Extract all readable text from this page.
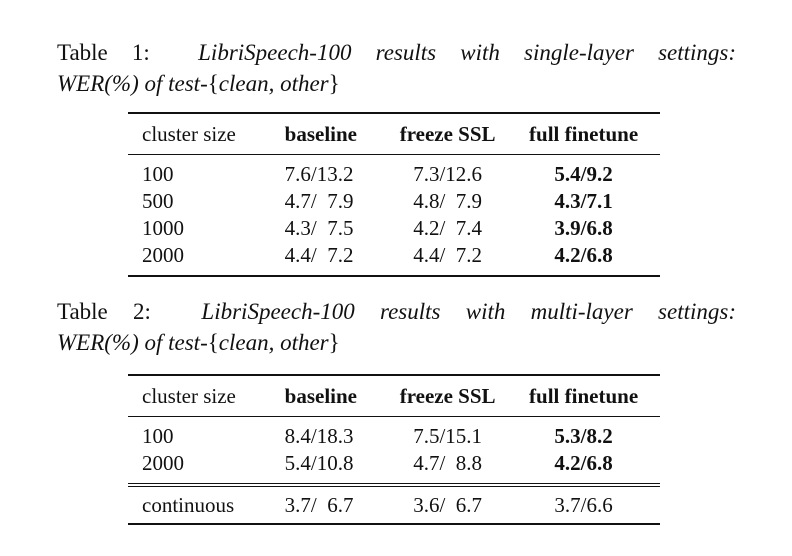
Table 1: LibriSpeech-100 results with single-layer settings:
WER(%) of test-{clean, other}
cluster size	baseline	freeze SSL	full finetune
100	7.6/13.2	7.3/12.6	5.4/9.2
500	4.7/  7.9	4.8/  7.9	4.3/7.1
1000	4.3/  7.5	4.2/  7.4	3.9/6.8
2000	4.4/  7.2	4.4/  7.2	4.2/6.8
Table 2: LibriSpeech-100 results with multi-layer settings:
WER(%) of test-{clean, other}
cluster size	baseline	freeze SSL	full finetune
100	8.4/18.3	7.5/15.1	5.3/8.2
2000	5.4/10.8	4.7/  8.8	4.2/6.8
continuous	3.7/  6.7	3.6/  6.7	3.7/6.6
